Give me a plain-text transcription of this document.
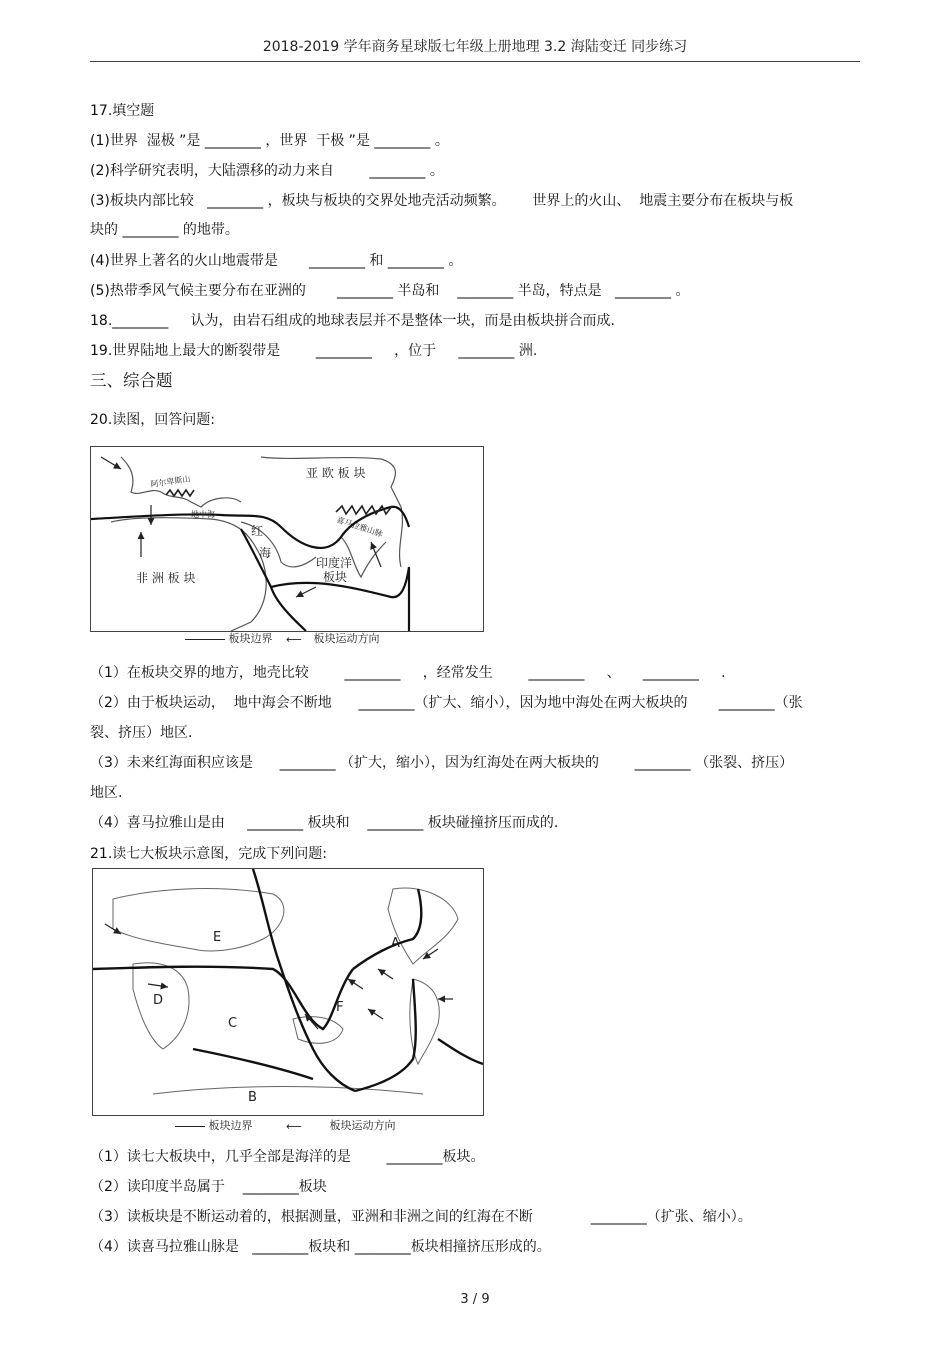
2018-2019 学年商务星球版七年级上册地理 3.2 海陆变迁 同步练习
17.填空题
(1)世界  湿极 ”是 ________ ，世界  干极 ”是 ________ 。
(2)科学研究表明，大陆漂移的动力来自        ________ 。
(3)板块内部比较   ________ ，板块与板块的交界处地壳活动频繁。      世界上的火山、  地震主要分布在板块与板
块的 ________ 的地带。
(4)世界上著名的火山地震带是       ________ 和 ________ 。
(5)热带季风气候主要分布在亚洲的       ________ 半岛和    ________ 半岛，特点是   ________ 。
18.________     认为，由岩石组成的地球表层并不是整体一块，而是由板块拼合而成.
19.世界陆地上最大的断裂带是        ________     ，位于     ________ 洲.
三、综合题
20.读图，回答问题:
亚 欧 板 块
非 洲 板 块
印度洋
板块
红
海
阿尔卑斯山
喜马拉雅山脉
地中海
板块边界 ⟵ 板块运动方向
（1）在板块交界的地方，地壳比较        ________     ，经常发生        ________     、     ________     .
（2）由于板块运动，  地中海会不断地      ________（扩大、缩小），因为地中海处在两大板块的       ________（张
裂、挤压）地区.
（3）未来红海面积应该是      ________ （扩大，缩小），因为红海处在两大板块的        ________ （张裂、挤压）
地区.
（4）喜马拉雅山是由     ________ 板块和    ________ 板块碰撞挤压而成的.
21.读七大板块示意图，完成下列问题:
A
B
C
D
E
F
板块边界	⟵	板块运动方向
（1）读七大板块中，几乎全部是海洋的是        ________板块。
（2）读印度半岛属于    ________板块
（3）读板块是不断运动着的，根据测量，亚洲和非洲之间的红海在不断             ________（扩张、缩小）。
（4）读喜马拉雅山脉是   ________板块和 ________板块相撞挤压形成的。
3 / 9
